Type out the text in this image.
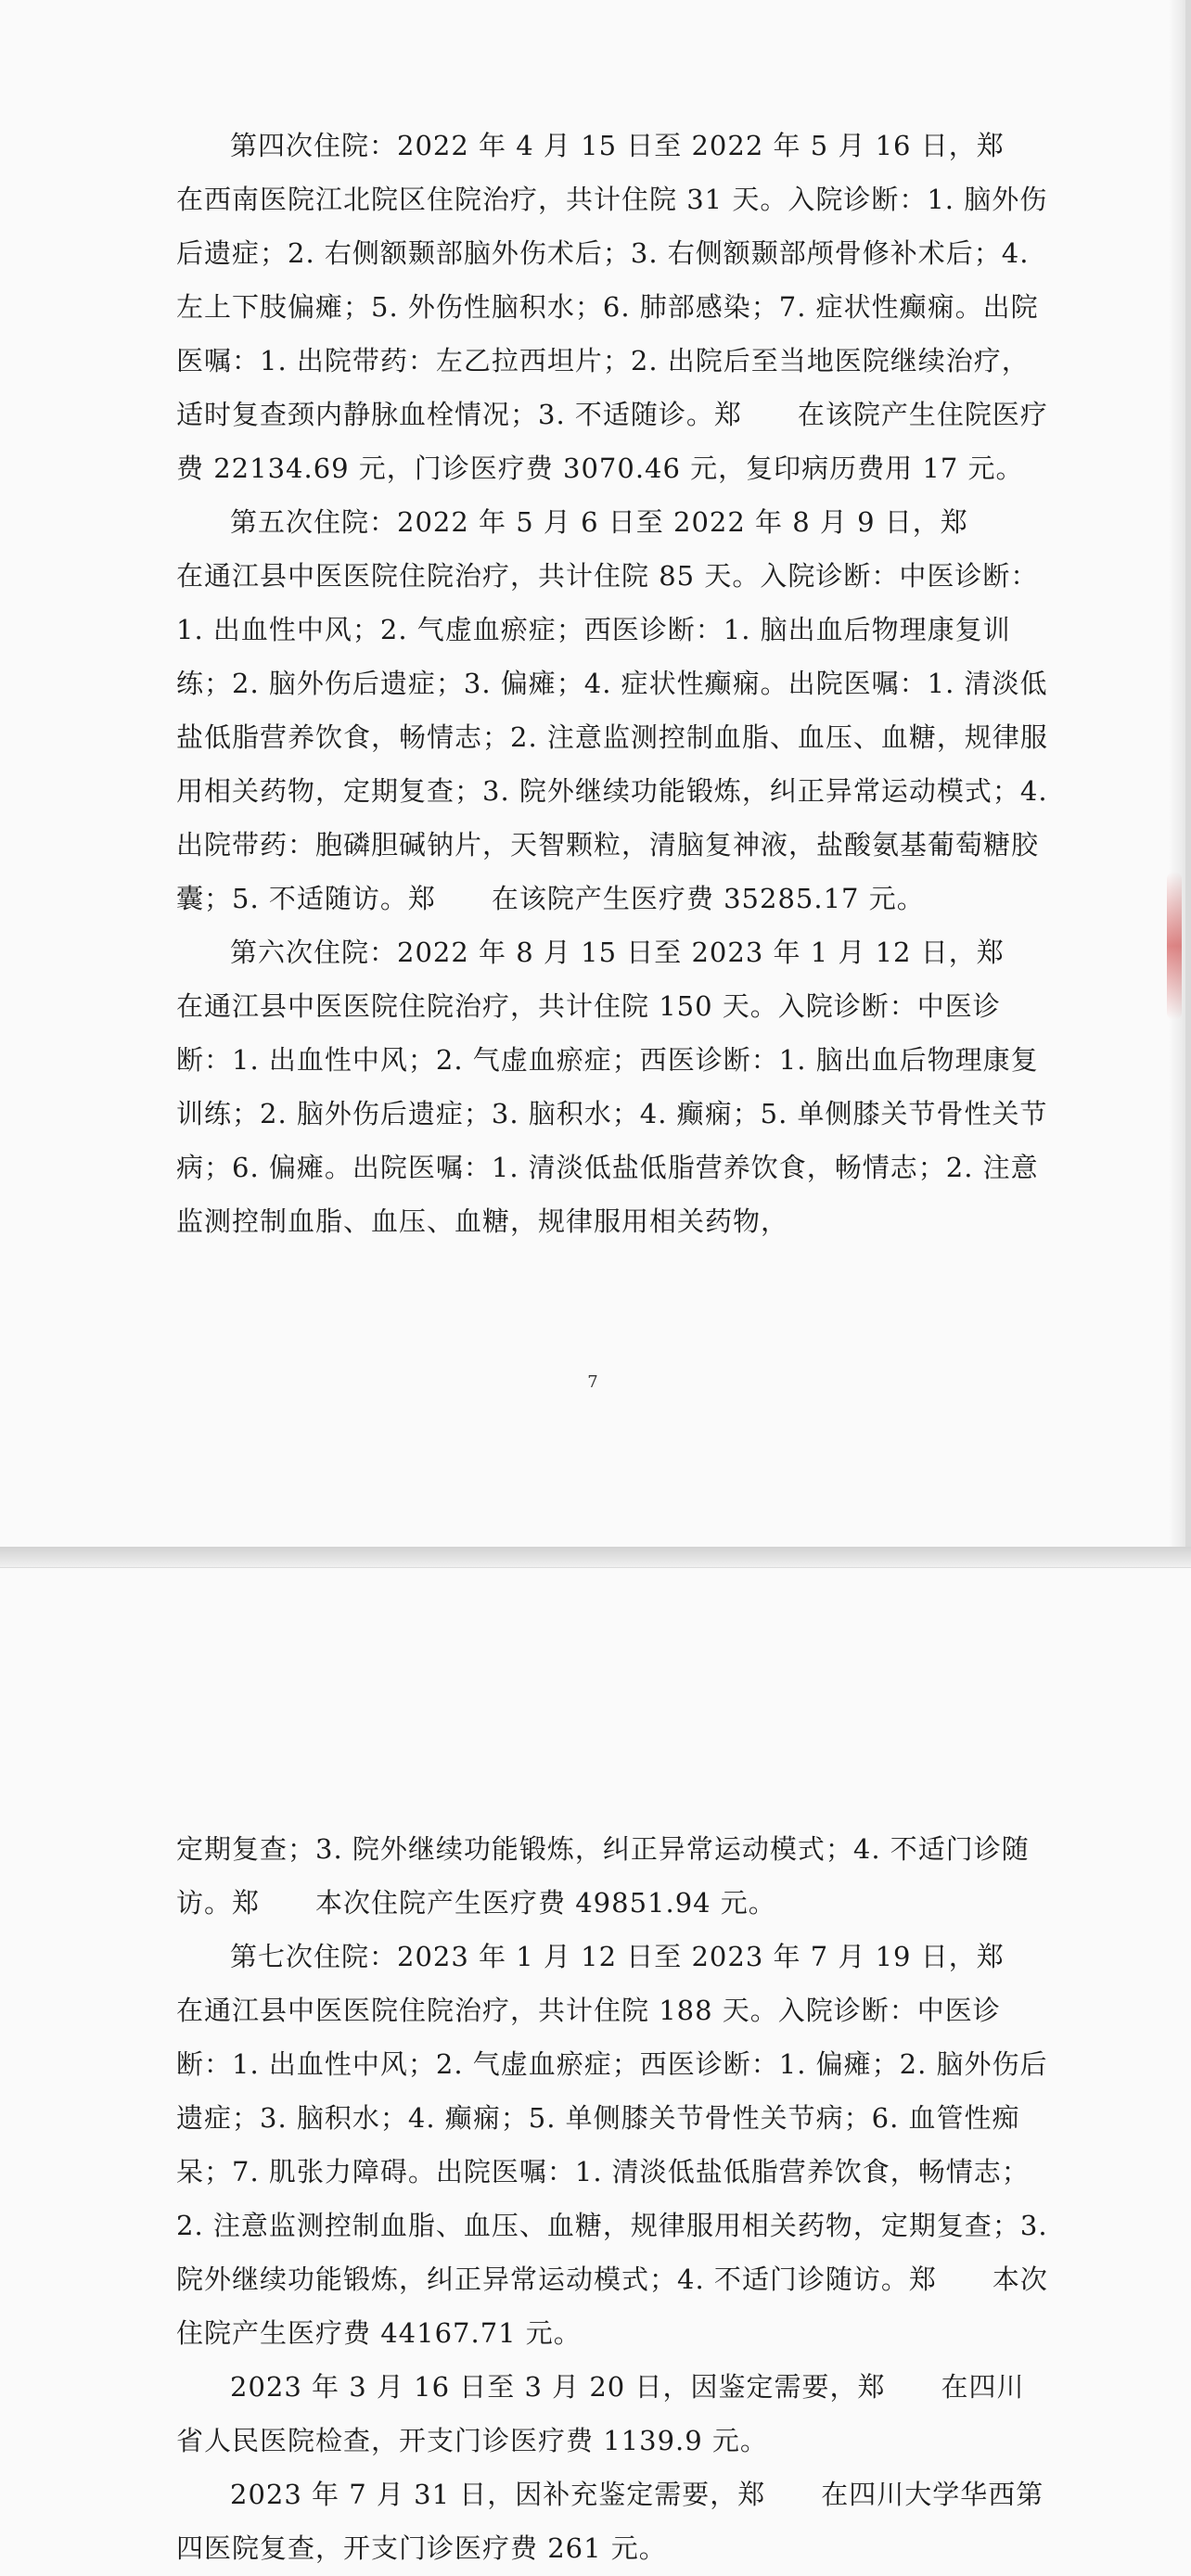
第四次住院：2022 年 4 月 15 日至 2022 年 5 月 16 日，郑　　在西南医院江北院区住院治疗，共计住院 31 天。入院诊断：1. 脑外伤后遗症；2. 右侧额颞部脑外伤术后；3. 右侧额颞部颅骨修补术后；4. 左上下肢偏瘫；5. 外伤性脑积水；6. 肺部感染；7. 症状性癫痫。出院医嘱：1. 出院带药：左乙拉西坦片；2. 出院后至当地医院继续治疗，适时复查颈内静脉血栓情况；3. 不适随诊。郑　　在该院产生住院医疗费 22134.69 元，门诊医疗费 3070.46 元，复印病历费用 17 元。

第五次住院：2022 年 5 月 6 日至 2022 年 8 月 9 日，郑　　在通江县中医医院住院治疗，共计住院 85 天。入院诊断：中医诊断：1. 出血性中风；2. 气虚血瘀症；西医诊断：1. 脑出血后物理康复训练；2. 脑外伤后遗症；3. 偏瘫；4. 症状性癫痫。出院医嘱：1. 清淡低盐低脂营养饮食，畅情志；2. 注意监测控制血脂、血压、血糖，规律服用相关药物，定期复查；3. 院外继续功能锻炼，纠正异常运动模式；4. 出院带药：胞磷胆碱钠片，天智颗粒，清脑复神液，盐酸氨基葡萄糖胶囊；5. 不适随访。郑　　在该院产生医疗费 35285.17 元。

第六次住院：2022 年 8 月 15 日至 2023 年 1 月 12 日，郑　　在通江县中医医院住院治疗，共计住院 150 天。入院诊断：中医诊断：1. 出血性中风；2. 气虚血瘀症；西医诊断：1. 脑出血后物理康复训练；2. 脑外伤后遗症；3. 脑积水；4. 癫痫；5. 单侧膝关节骨性关节病；6. 偏瘫。出院医嘱：1. 清淡低盐低脂营养饮食，畅情志；2. 注意监测控制血脂、血压、血糖，规律服用相关药物，

7

定期复查；3. 院外继续功能锻炼，纠正异常运动模式；4. 不适门诊随访。郑　　本次住院产生医疗费 49851.94 元。

第七次住院：2023 年 1 月 12 日至 2023 年 7 月 19 日，郑　　在通江县中医医院住院治疗，共计住院 188 天。入院诊断：中医诊断：1. 出血性中风；2. 气虚血瘀症；西医诊断：1. 偏瘫；2. 脑外伤后遗症；3. 脑积水；4. 癫痫；5. 单侧膝关节骨性关节病；6. 血管性痴呆；7. 肌张力障碍。出院医嘱：1. 清淡低盐低脂营养饮食，畅情志；2. 注意监测控制血脂、血压、血糖，规律服用相关药物，定期复查；3. 院外继续功能锻炼，纠正异常运动模式；4. 不适门诊随访。郑　　本次住院产生医疗费 44167.71 元。

2023 年 3 月 16 日至 3 月 20 日，因鉴定需要，郑　　在四川省人民医院检查，开支门诊医疗费 1139.9 元。

2023 年 7 月 31 日，因补充鉴定需要，郑　　在四川大学华西第四医院复查，开支门诊医疗费 261 元。
